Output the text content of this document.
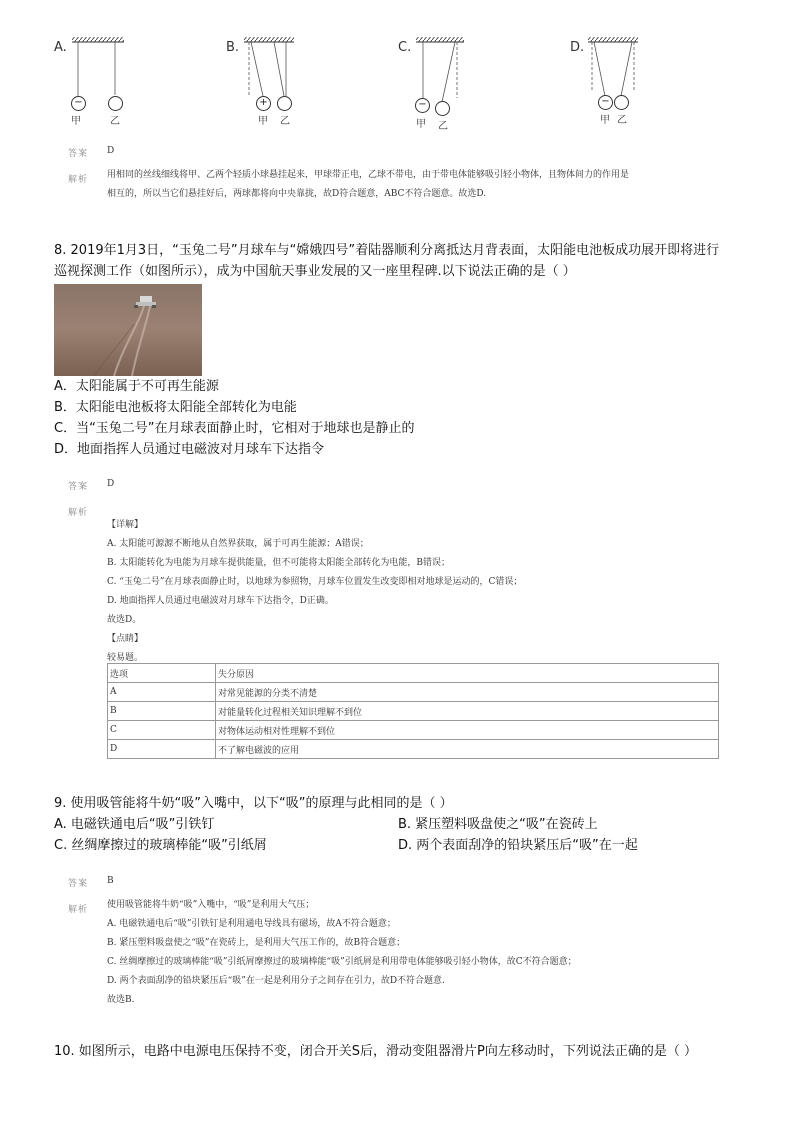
A.	B.	C.	D.
−
甲	乙
+
甲 乙
−
甲 乙
−
甲 乙
答案 D
解析 用相同的丝线细线将甲、乙两个轻质小球悬挂起来，甲球带正电，乙球不带电，由于带电体能够吸引轻小物体，且物体间力的作用是
相互的，所以当它们悬挂好后，两球都将向中央靠拢，故D符合题意，ABC不符合题意。故选D.
8. 2019年1月3日，“玉兔二号”月球车与“嫦娥四号”着陆器顺利分离抵达月背表面，太阳能电池板成功展开即将进行
巡视探测工作（如图所示），成为中国航天事业发展的又一座里程碑.以下说法正确的是（ ）
A．太阳能属于不可再生能源
B．太阳能电池板将太阳能全部转化为电能
C．当“玉兔二号”在月球表面静止时，它相对于地球也是静止的
D．地面指挥人员通过电磁波对月球车下达指令
答案 D
解析
【详解】
A. 太阳能可源源不断地从自然界获取，属于可再生能源；A错误；
B. 太阳能转化为电能为月球车提供能量，但不可能将太阳能全部转化为电能，B错误；
C. “玉兔二号”在月球表面静止时，以地球为参照物，月球车位置发生改变即相对地球是运动的，C错误；
D. 地面指挥人员通过电磁波对月球车下达指令，D正确。
故选D。
【点睛】
较易题。
选项	失分原因
A	对常见能源的分类不清楚
B	对能量转化过程相关知识理解不到位
C	对物体运动相对性理解不到位
D	不了解电磁波的应用
9. 使用吸管能将牛奶“吸”入嘴中，以下“吸”的原理与此相同的是（ ）
A. 电磁铁通电后“吸”引铁钉	B. 紧压塑料吸盘使之“吸”在瓷砖上
C. 丝绸摩擦过的玻璃棒能“吸”引纸屑	D. 两个表面刮净的铅块紧压后“吸”在一起
答案 B
解析 使用吸管能将牛奶“吸”入嘴中，“吸”是利用大气压；
A. 电磁铁通电后“吸”引铁钉是利用通电导线具有磁场，故A不符合题意；
B. 紧压塑料吸盘使之“吸”在瓷砖上，是利用大气压工作的，故B符合题意；
C. 丝绸摩擦过的玻璃棒能“吸”引纸屑摩擦过的玻璃棒能“吸”引纸屑是利用带电体能够吸引轻小物体，故C不符合题意；
D. 两个表面刮净的铅块紧压后“吸”在一起是利用分子之间存在引力，故D不符合题意.
故选B.
10. 如图所示，电路中电源电压保持不变，闭合开关S后，滑动变阻器滑片P向左移动时，下列说法正确的是（ ）
